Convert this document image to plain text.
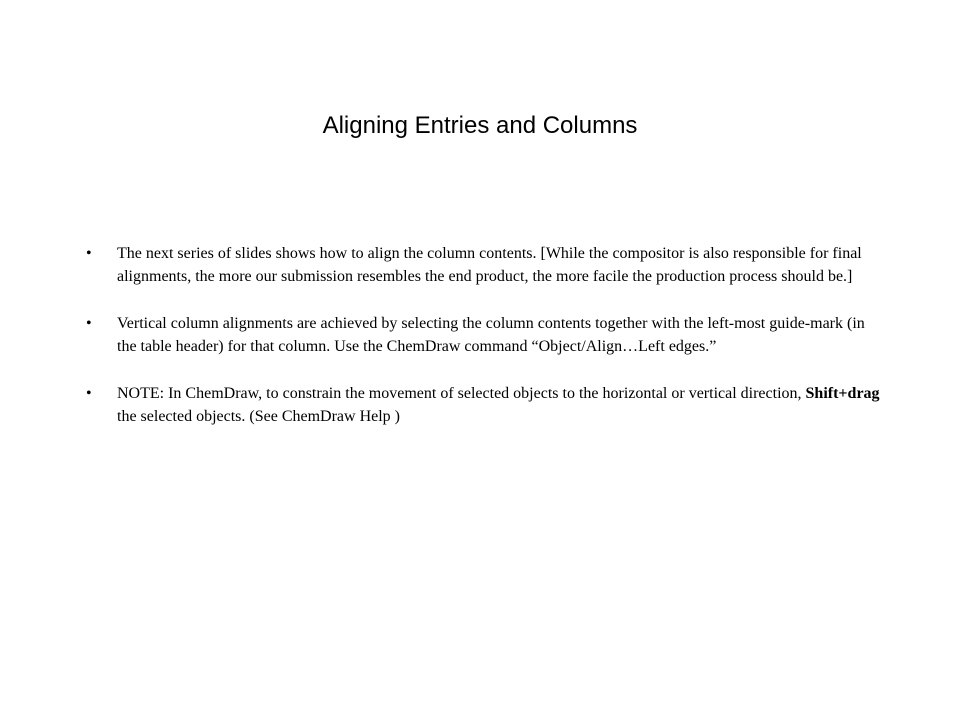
Aligning Entries and Columns
• The next series of slides shows how to align the column contents. [While the compositor is also responsible for final alignments, the more our submission resembles the end product, the more facile the production process should be.]
• Vertical column alignments are achieved by selecting the column contents together with the left-most guide-mark (in the table header) for that column. Use the ChemDraw command “Object/Align…Left edges.”
• NOTE: In ChemDraw, to constrain the movement of selected objects to the horizontal or vertical direction, Shift+drag the selected objects. (See ChemDraw Help )
